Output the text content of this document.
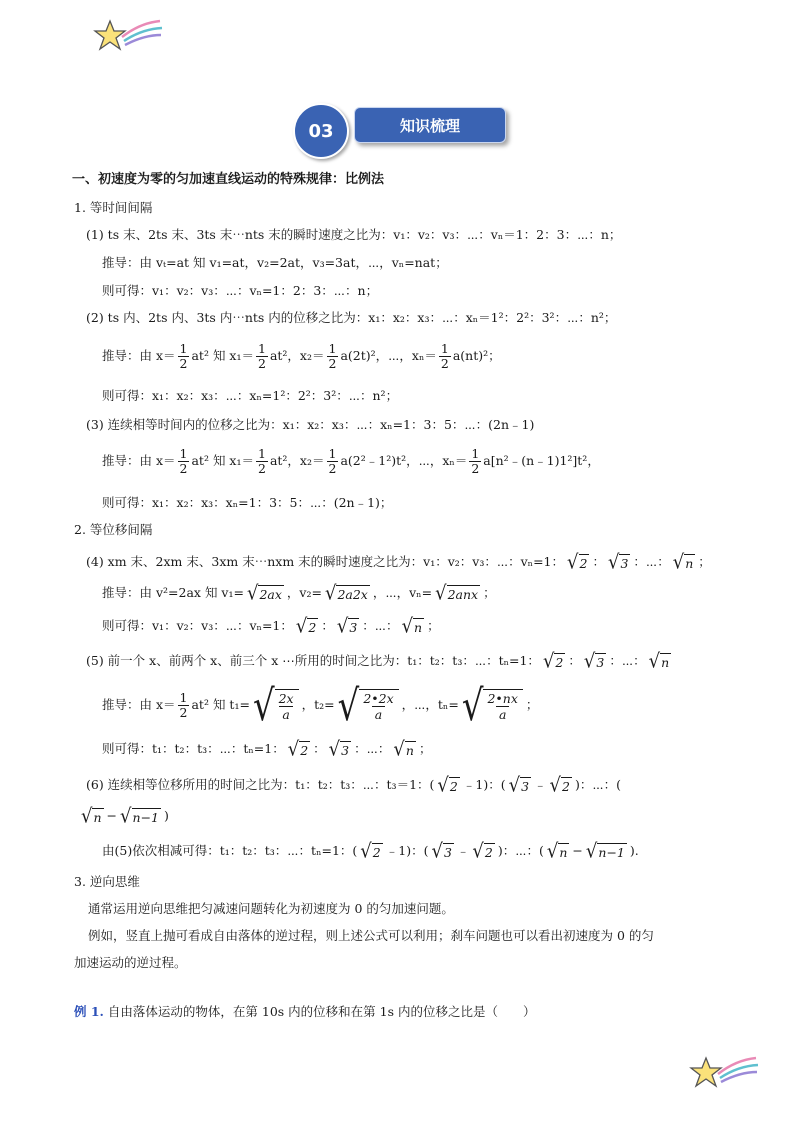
知识梳理
03
一、初速度为零的匀加速直线运动的特殊规律：比例法
1. 等时间间隔
(1) ts 末、2ts 末、3ts 末⋯nts 末的瞬时速度之比为：v₁：v₂：v₃：⋯：vₙ＝1：2：3：⋯：n；
推导：由 vₜ=at 知 v₁=at，v₂=2at，v₃=3at，⋯，vₙ=nat；
则可得：v₁：v₂：v₃：⋯：vₙ=1：2：3：⋯：n；
(2) ts 内、2ts 内、3ts 内⋯nts 内的位移之比为：x₁：x₂：x₃：⋯：xₙ＝1²：2²：3²：⋯：n²；
推导：由 $x= \frac{1}{2} at^2$ 知 $x_1= \frac{1}{2} at^2$，$x_2= \frac{1}{2} a(2t)^2$，⋯，$x_n= \frac{1}{2} a(nt)^2$；
则可得：x₁：x₂：x₃：⋯：xₙ=1²：2²：3²：⋯：n²；
(3) 连续相等时间内的位移之比为：x₁：x₂：x₃：⋯：xₙ=1：3：5：⋯：(2n﹣1)
推导：由 $x= \frac{1}{2} at^2$ 知 $x_1= \frac{1}{2} at^2$，$x_2= \frac{1}{2}$ a(2²﹣1²)t²，⋯，$x_n= \frac{1}{2}$ a[n²﹣(n﹣1)1²]t²，
则可得：x₁：x₂：x₃：xₙ=1：3：5：⋯：(2n﹣1)；
2. 等位移间隔
(4) xm 末、2xm 末、3xm 末⋯nxm 末的瞬时速度之比为：v₁：v₂：v₃：⋯：vₙ=1： √ 2 ： √ 3 ：⋯： √ n ；
推导：由 v²=2ax 知 v₁= √ 2ax ，v₂= √ 2a2x ，⋯，vₙ= √ 2anx ；
则可得：v₁：v₂：v₃：⋯：vₙ=1： √ 2 ： √ 3 ：⋯： √ n ；
(5) 前一个 x、前两个 x、前三个 x ⋯所用的时间之比为：t₁：t₂：t₃：⋯：tₙ=1： √ 2 ： √ 3 ：⋯： √ n
推导：由 $x= \frac{1}{2} at^2$ 知 t₁= √ $\frac{2x}{a}$ ，t₂= √ $\frac{2•2x}{a}$ ，⋯，tₙ= √ $\frac{2•nx}{a}$ ；
则可得：t₁：t₂：t₃：⋯：tₙ=1： √ 2 ： √ 3 ：⋯： √ n ；
(6) 连续相等位移所用的时间之比为：t₁：t₂：t₃：⋯：t₃＝1：( √ 2 ﹣1)：( √ 3 ﹣ √ 2 )：⋯：(
√ n − √ n−1 )
由(5)依次相减可得：t₁：t₂：t₃：⋯：tₙ=1：( √ 2 ﹣1)：( √ 3 ﹣ √ 2 )：⋯：( √ n − √ n−1 ).
3. 逆向思维
通常运用逆向思维把匀减速问题转化为初速度为 0 的匀加速问题。
例如，竖直上抛可看成自由落体的逆过程，则上述公式可以利用；刹车问题也可以看出初速度为 0 的匀
加速运动的逆过程。
例 1. 自由落体运动的物体，在第 10s 内的位移和在第 1s 内的位移之比是（　　）
